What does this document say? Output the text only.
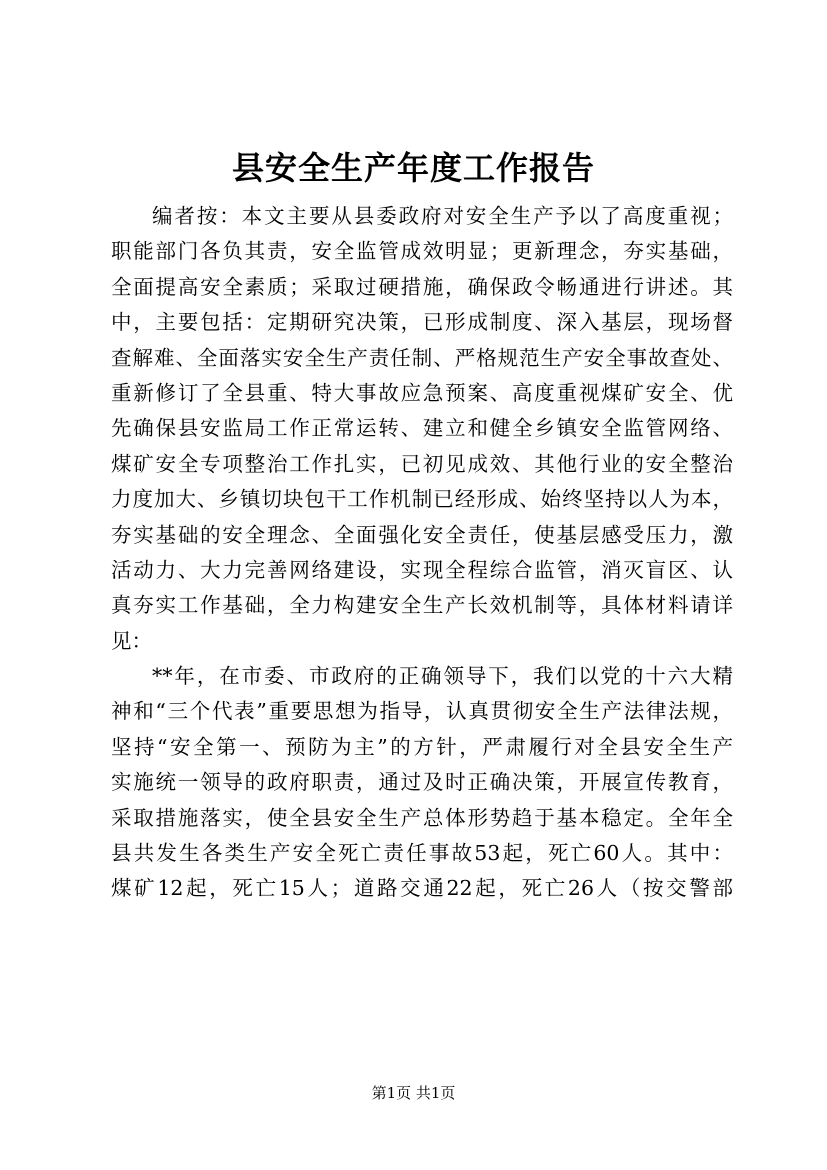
县安全生产年度工作报告
编者按：本文主要从县委政府对安全生产予以了高度重视；
职能部门各负其责，安全监管成效明显；更新理念，夯实基础，
全面提高安全素质；采取过硬措施，确保政令畅通进行讲述。其
中，主要包括：定期研究决策，已形成制度、深入基层，现场督
查解难、全面落实安全生产责任制、严格规范生产安全事故查处、
重新修订了全县重、特大事故应急预案、高度重视煤矿安全、优
先确保县安监局工作正常运转、建立和健全乡镇安全监管网络、
煤矿安全专项整治工作扎实，已初见成效、其他行业的安全整治
力度加大、乡镇切块包干工作机制已经形成、始终坚持以人为本，
夯实基础的安全理念、全面强化安全责任，使基层感受压力，激
活动力、大力完善网络建设，实现全程综合监管，消灭盲区、认
真夯实工作基础，全力构建安全生产长效机制等，具体材料请详
见：
**年，在市委、市政府的正确领导下，我们以党的十六大精
神和“三个代表”重要思想为指导，认真贯彻安全生产法律法规，
坚持“安全第一、预防为主”的方针，严肃履行对全县安全生产
实施统一领导的政府职责，通过及时正确决策，开展宣传教育，
采取措施落实，使全县安全生产总体形势趋于基本稳定。全年全
县共发生各类生产安全死亡责任事故53起，死亡60人。其中：
煤矿12起，死亡15人；道路交通22起，死亡26人（按交警部
第1页 共1页
